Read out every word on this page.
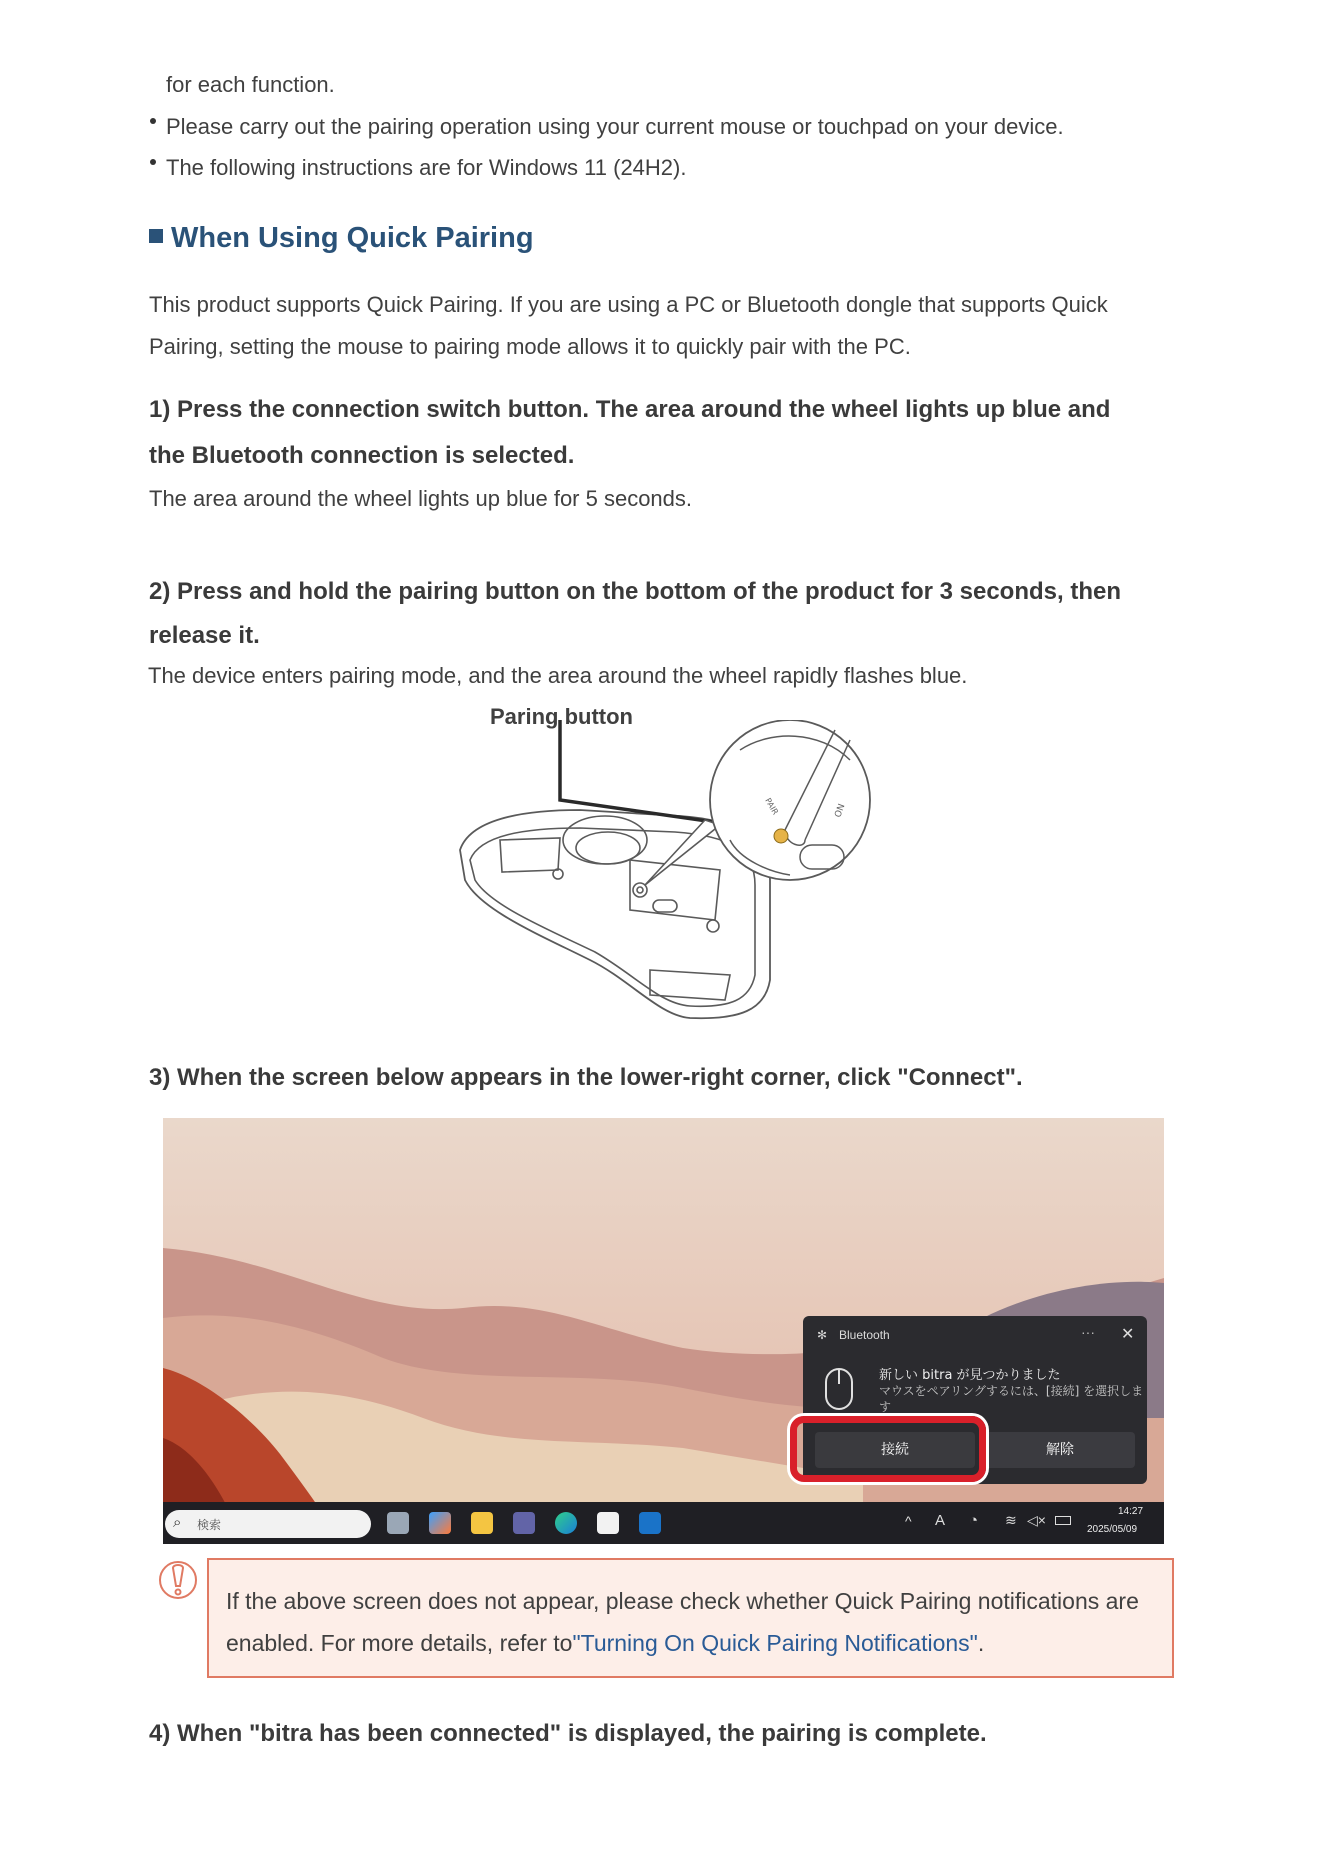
for each function.
Please carry out the pairing operation using your current mouse or touchpad on your device.
The following instructions are for Windows 11 (24H2).
When Using Quick Pairing
This product supports Quick Pairing. If you are using a PC or Bluetooth dongle that supports Quick
Pairing, setting the mouse to pairing mode allows it to quickly pair with the PC.
1) Press the connection switch button. The area around the wheel lights up blue and
the Bluetooth connection is selected.
The area around the wheel lights up blue for 5 seconds.
2) Press and hold the pairing button on the bottom of the product for 3 seconds, then
release it.
The device enters pairing mode, and the area around the wheel rapidly flashes blue.
Paring button
PAIR	ON
3) When the screen below appears in the lower-right corner, click "Connect".
✻ Bluetooth	··· ✕
新しい bitra が見つかりました
マウスをペアリングするには、[接続] を選択しま
す
接続	解除
⌕ 検索	^ A ◔ ≋ ◁×
14:27
2025/05/09
If the above screen does not appear, please check whether Quick Pairing notifications are
enabled. For more details, refer to"Turning On Quick Pairing Notifications".
4) When "bitra has been connected" is displayed, the pairing is complete.
